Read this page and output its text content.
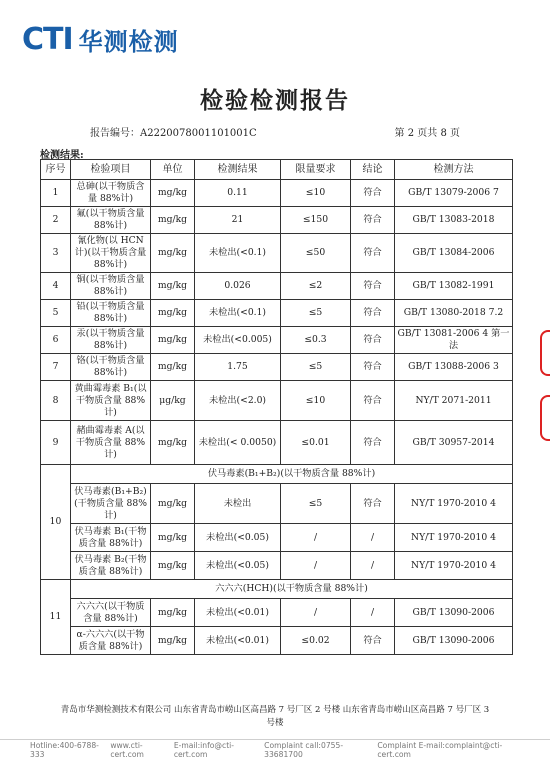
CTI 华测检测
检验检测报告
报告编号：A2220078001101001C	第 2 页共 8 页
检测结果:
序号	检验项目	单位	检测结果	限量要求	结论	检测方法
1	总砷(以干物质含量 88%计)	mg/kg	0.11	≤10	符合	GB/T 13079-2006 7
2	氟(以干物质含量 88%计)	mg/kg	21	≤150	符合	GB/T 13083-2018
3	氰化物(以 HCN 计)(以干物质含量 88%计)	mg/kg	未检出(<0.1)	≤50	符合	GB/T 13084-2006
4	铜(以干物质含量 88%计)	mg/kg	0.026	≤2	符合	GB/T 13082-1991
5	铅(以干物质含量 88%计)	mg/kg	未检出(<0.1)	≤5	符合	GB/T 13080-2018 7.2
6	汞(以干物质含量 88%计)	mg/kg	未检出(<0.005)	≤0.3	符合	GB/T 13081-2006 4 第一法
7	铬(以干物质含量 88%计)	mg/kg	1.75	≤5	符合	GB/T 13088-2006 3
8	黄曲霉毒素 B₁(以干物质含量 88%计)	μg/kg	未检出(<2.0)	≤10	符合	NY/T 2071-2011
9	赭曲霉毒素 A(以干物质含量 88%计)	mg/kg	未检出(< 0.0050)	≤0.01	符合	GB/T 30957-2014
10	伏马毒素(B₁+B₂)(以干物质含量 88%计)					
	伏马毒素(B₁+B₂)(干物质含量 88%计)	mg/kg	未检出	≤5	符合	NY/T 1970-2010 4
	伏马毒素 B₁(干物质含量 88%计)	mg/kg	未检出(<0.05)	/	/	NY/T 1970-2010 4
	伏马毒素 B₂(干物质含量 88%计)	mg/kg	未检出(<0.05)	/	/	NY/T 1970-2010 4
11	六六六(HCH)(以干物质含量 88%计)					
	六六六(以干物质含量 88%计)	mg/kg	未检出(<0.01)	/	/	GB/T 13090-2006
	α-六六六(以干物质含量 88%计)	mg/kg	未检出(<0.01)	≤0.02	符合	GB/T 13090-2006
青岛市华测检测技术有限公司 山东省青岛市崂山区高昌路 7 号厂区 2 号楼 山东省青岛市崂山区高昌路 7 号厂区 3 号楼
Hotline:400-6788-333
www.cti-cert.com
E-mail:info@cti-cert.com
Complaint call:0755-33681700
Complaint E-mail:complaint@cti-cert.com
